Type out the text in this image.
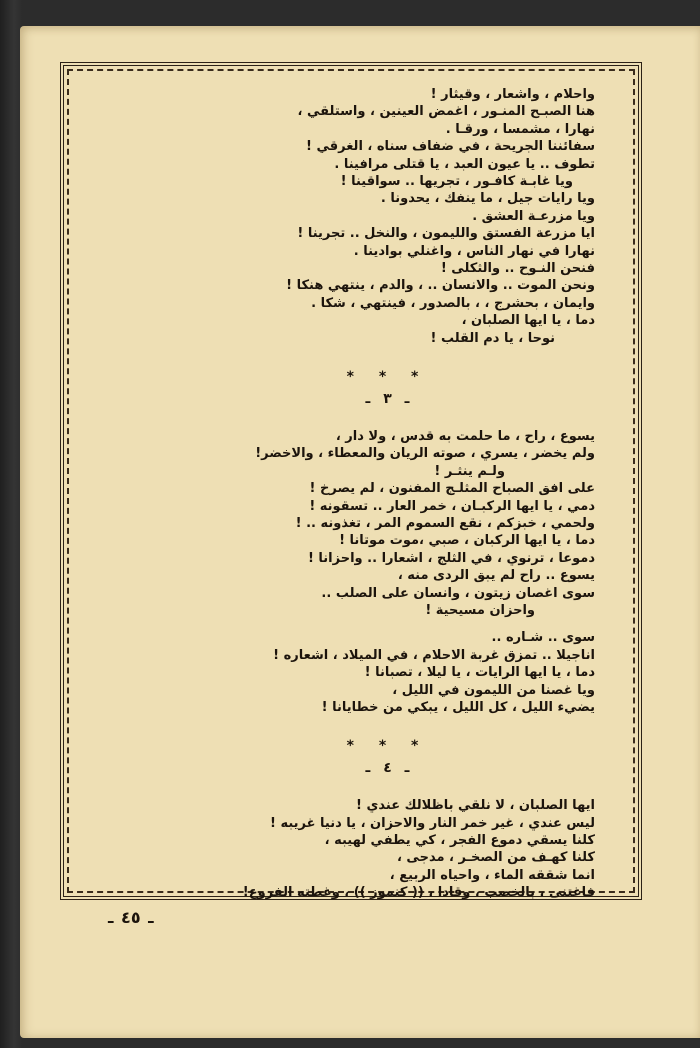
واحلام ، واشعار ، وقيثار !
هنا الصبـح المنـور ، اغمض العينين ، واستلقي ،
نهارا ، مشمسا ، ورقـا .
سفائننا الجريحة ، في ضفاف سناه ، الغرقي !
تطوف .. يا عيون العبد ، يا قتلى مرافينا .
ويا غابـة كافـور ، تجريها .. سواقينا !
ويا رايات جيل ، ما ينفك ، يحدونا .
ويا مزرعـة العشق .
ايا مزرعة الفستق والليمون ، والنخل .. تجرينا !
نهارا في نهار الناس ، واغنلي بوادينا .
فنحن النـوح .. والثكلى !
ونحن الموت .. والانسان .. ، والدم ، ينتهي هنكا !
وايمان ، بحشرج ، ، بالصدور ، فينتهي ، شكا .
دما ، يا ايها الصلبان ،
نوحا ، يا دم القلب !
* * *
ـ ٣ ـ
يسوع ، راح ، ما حلمت به قدس ، ولا دار ،
ولم يخضر ، يسري ، صوته الريان والمعطاء ، والاخضر!
ولـم ينثـر !
على افق الصباح المثلـج المفنون ، لم يصرخ !
دمي ، يا ايها الركبـان ، خمر العار .. تسقونه !
ولحمي ، خبزكم ، نقع السموم المر ، تغذونه .. !
دما ، يا ايها الركبان ، صبي ،موت موتانا !
دموعا ، ترنوي ، في الثلج ، اشعارا .. واحزانا !
يسوع .. راح لم يبق الردى منه ،
سوى اغصان زيتون ، وانسان على الصلب ..
واحزان مسيحية !
سوى .. شـاره ..
اناجيلا .. تمزق غربة الاحلام ، في الميلاد ، اشعاره !
دما ، يا ايها الرايات ، يا ليلا ، تصبانا !
ويا غصنا من الليمون في الليل ،
يضيء الليل ، كل الليل ، يبكي من خطايانا !
* * *
ـ ٤ ـ
ايها الصلبان ، لا نلقي باظلالك عندي !
ليس عندي ، غير خمر النار والاحزان ، يا دنيا غريبه !
كلنا يسقي دموع الفجر ، كي يطفي لهيبه ،
كلنا كهـف من الصخـر ، مدجى ،
انما شققه الماء ، واحياه الربيع ،
فاغتنى ، بالخصب ، وقادا ، (( كنموز )) ، وغطته الفروع!
ـ ٤٥ ـ
